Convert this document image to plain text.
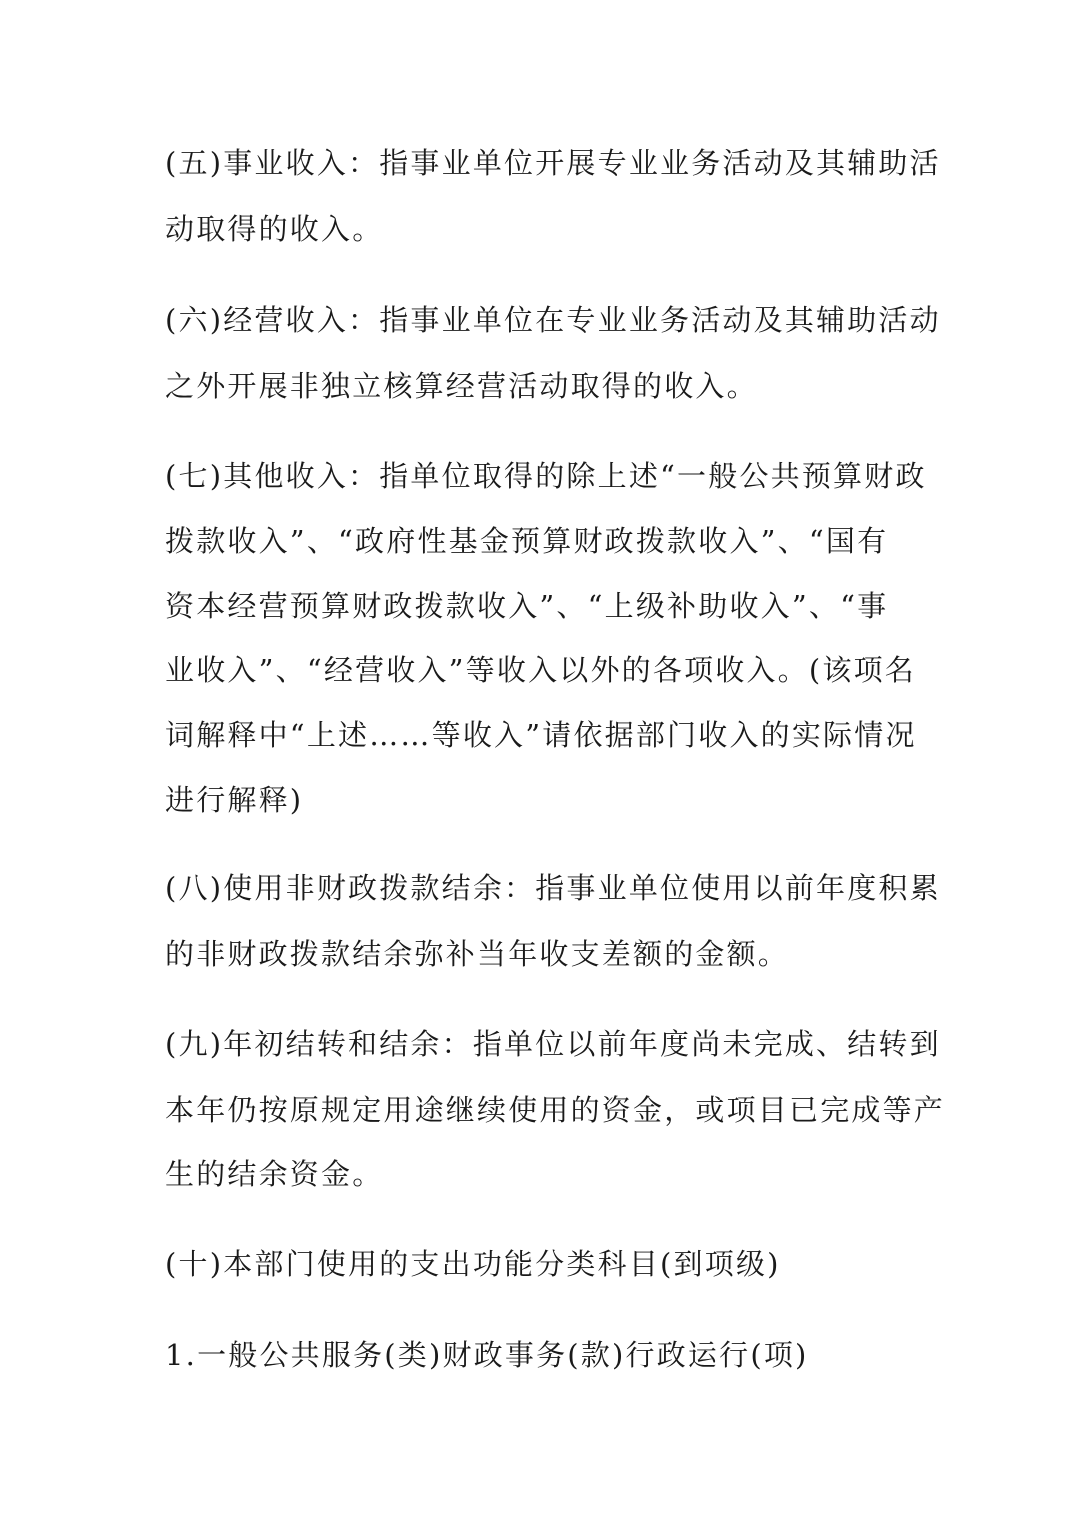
(五)事业收入：指事业单位开展专业业务活动及其辅助活
动取得的收入。
(六)经营收入：指事业单位在专业业务活动及其辅助活动
之外开展非独立核算经营活动取得的收入。
(七)其他收入：指单位取得的除上述“一般公共预算财政
拨款收入”、“政府性基金预算财政拨款收入”、“国有
资本经营预算财政拨款收入”、“上级补助收入”、“事
业收入”、“经营收入”等收入以外的各项收入。(该项名
词解释中“上述……等收入”请依据部门收入的实际情况
进行解释)
(八)使用非财政拨款结余：指事业单位使用以前年度积累
的非财政拨款结余弥补当年收支差额的金额。
(九)年初结转和结余：指单位以前年度尚未完成、结转到
本年仍按原规定用途继续使用的资金，或项目已完成等产
生的结余资金。
(十)本部门使用的支出功能分类科目(到项级)
1.一般公共服务(类)财政事务(款)行政运行(项)
